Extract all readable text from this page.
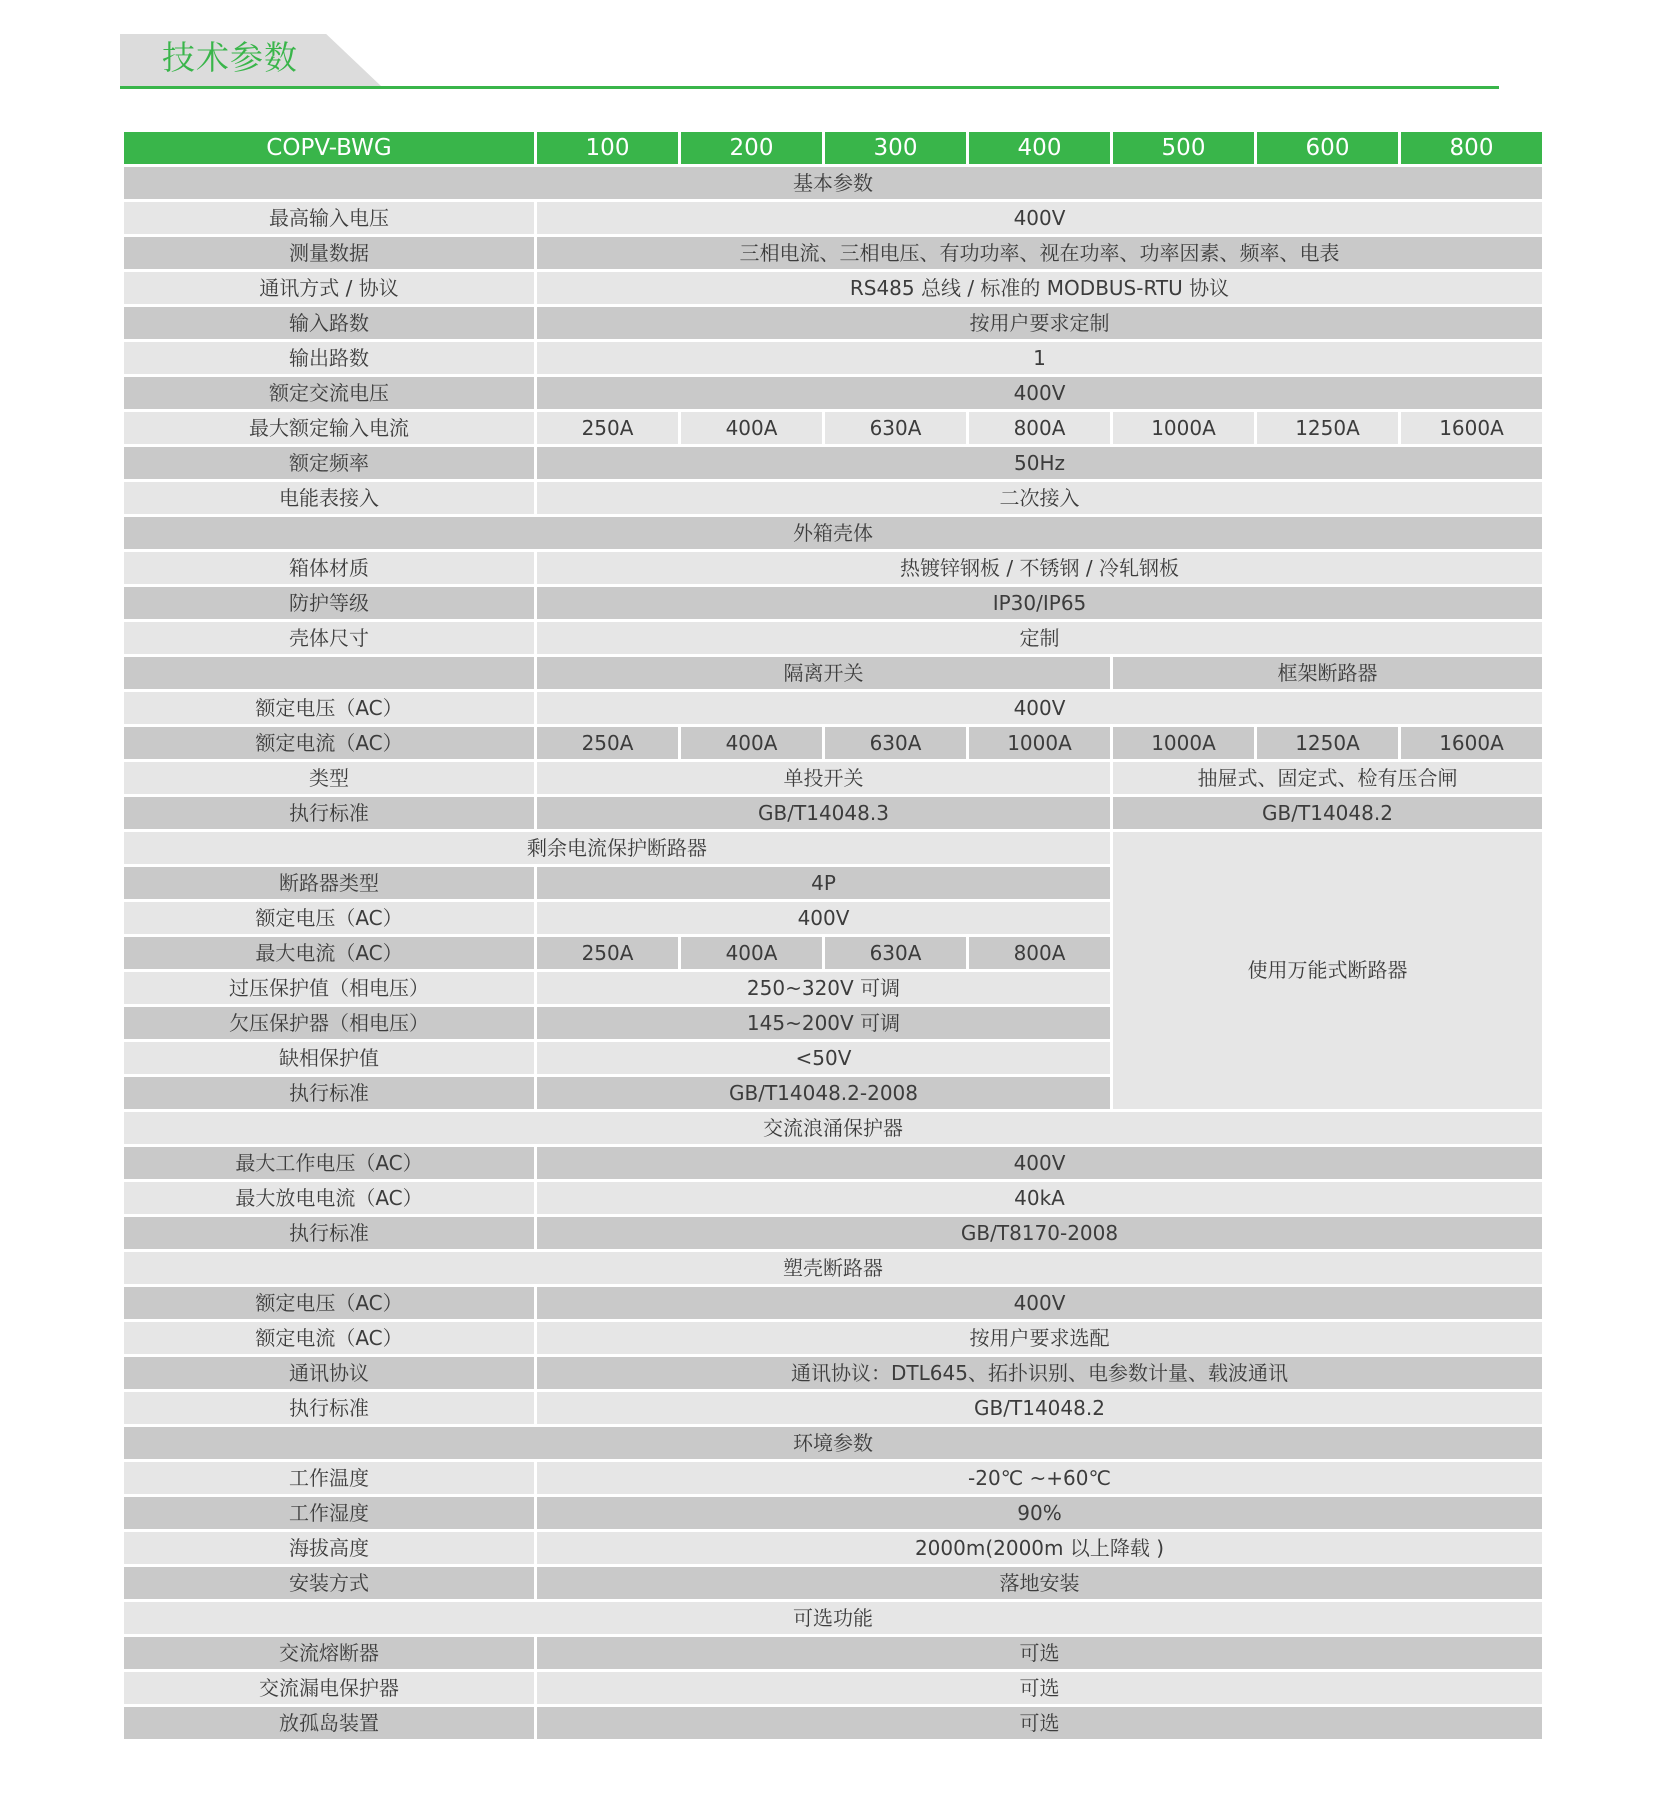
技术参数
COPV-BWG	100	200	300	400	500	600	800
基本参数							
最高输入电压	400V						
测量数据	三相电流、三相电压、有功功率、视在功率、功率因素、频率、电表						
通讯方式 / 协议	RS485 总线 / 标准的 MODBUS-RTU 协议						
输入路数	按用户要求定制						
输出路数	1						
额定交流电压	400V						
最大额定输入电流	250A	400A	630A	800A	1000A	1250A	1600A
额定频率	50Hz						
电能表接入	二次接入						
外箱壳体							
箱体材质	热镀锌钢板 / 不锈钢 / 冷轧钢板						
防护等级	IP30/IP65						
壳体尺寸	定制						
	隔离开关				框架断路器		
额定电压（AC）	400V						
额定电流（AC）	250A	400A	630A	1000A	1000A	1250A	1600A
类型	单投开关				抽屉式、固定式、检有压合闸		
执行标准	GB/T14048.3				GB/T14048.2		
剩余电流保护断路器					使用万能式断路器		
断路器类型	4P						
额定电压（AC）	400V						
最大电流（AC）	250A	400A	630A	800A			
过压保护值（相电压）	250~320V 可调						
欠压保护器（相电压）	145~200V 可调						
缺相保护值	<50V						
执行标准	GB/T14048.2-2008						
交流浪涌保护器							
最大工作电压（AC）	400V						
最大放电电流（AC）	40kA						
执行标准	GB/T8170-2008						
塑壳断路器							
额定电压（AC）	400V						
额定电流（AC）	按用户要求选配						
通讯协议	通讯协议：DTL645、拓扑识别、电参数计量、载波通讯						
执行标准	GB/T14048.2						
环境参数							
工作温度	-20℃ ~+60℃						
工作湿度	90%						
海拔高度	2000m(2000m 以上降载 )						
安装方式	落地安装						
可选功能							
交流熔断器	可选						
交流漏电保护器	可选						
放孤岛装置	可选						
